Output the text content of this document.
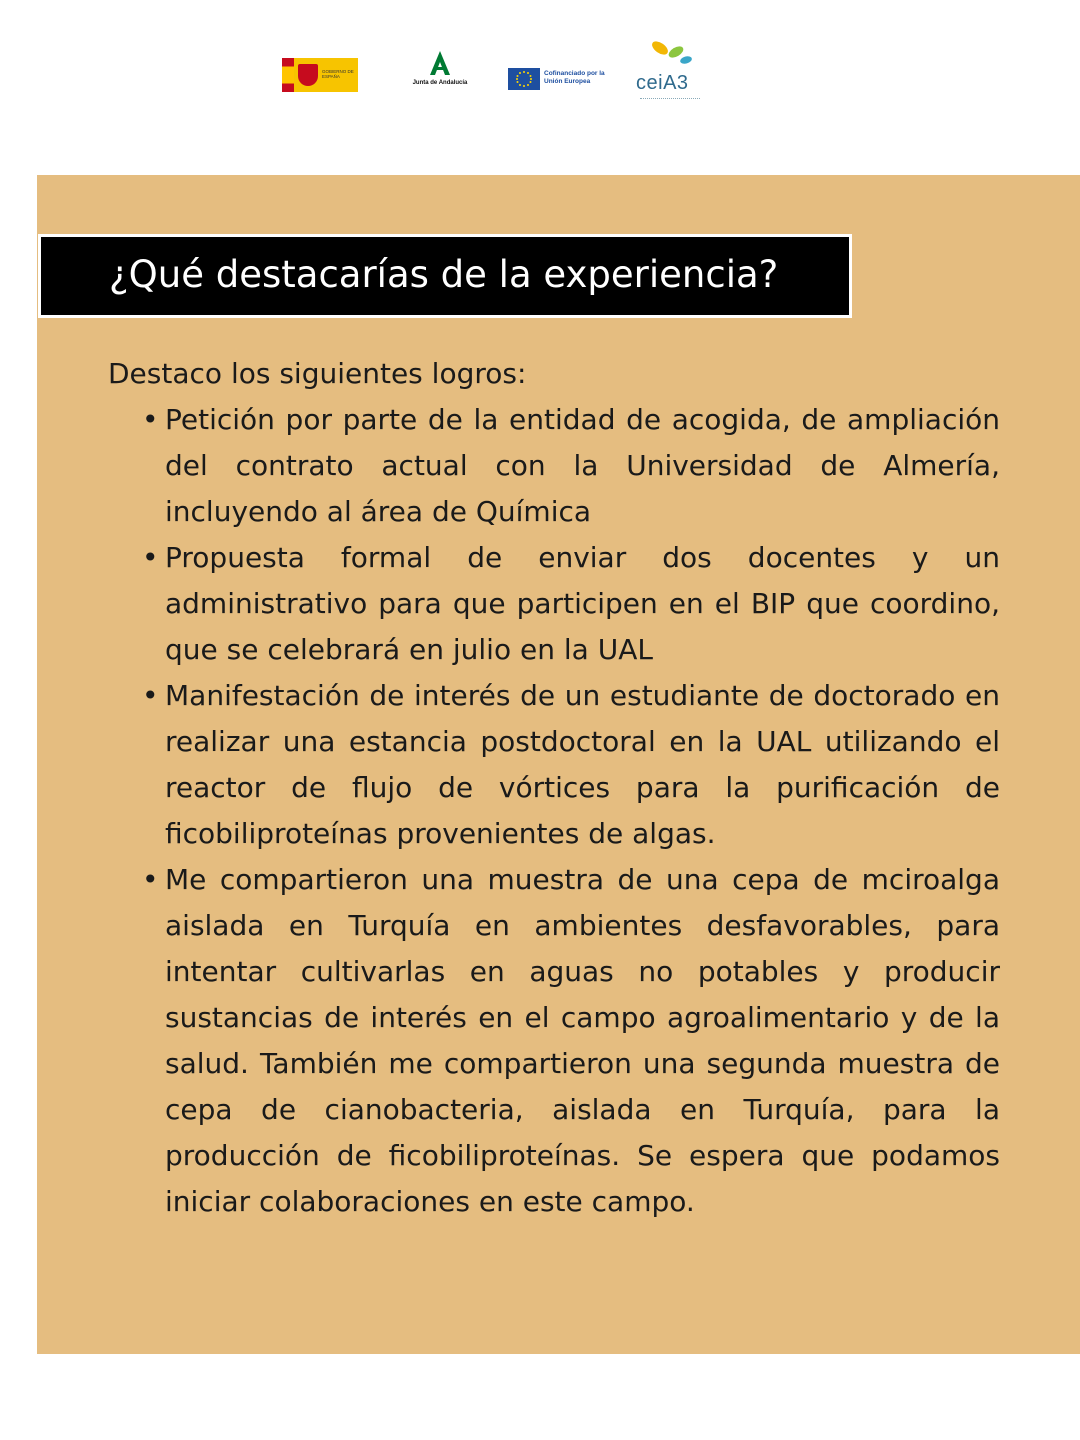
GOBIERNO DE ESPAÑA
Junta de Andalucía
Cofinanciado por la Unión Europea	ceiA3
¿Qué destacarías de la experiencia?

Destaco los siguientes logros:

• Petición por parte de la entidad de acogida, de ampliación del contrato actual con la Universidad de Almería, incluyendo al área de Química
• Propuesta formal de enviar dos docentes y un administrativo para que participen en el BIP que coordino, que se celebrará en julio en la UAL
• Manifestación de interés de un estudiante de doctorado en realizar una estancia postdoctoral en la UAL utilizando el reactor de flujo de vórtices para la purificación de ficobiliproteínas provenientes de algas.
• Me compartieron una muestra de una cepa de mciroalga aislada en Turquía en ambientes desfavorables, para intentar cultivarlas en aguas no potables y producir sustancias de interés en el campo agroalimentario y de la salud. También me compartieron una segunda muestra de cepa de cianobacteria, aislada en Turquía, para la producción de ficobiliproteínas. Se espera que podamos iniciar colaboraciones en este campo.
